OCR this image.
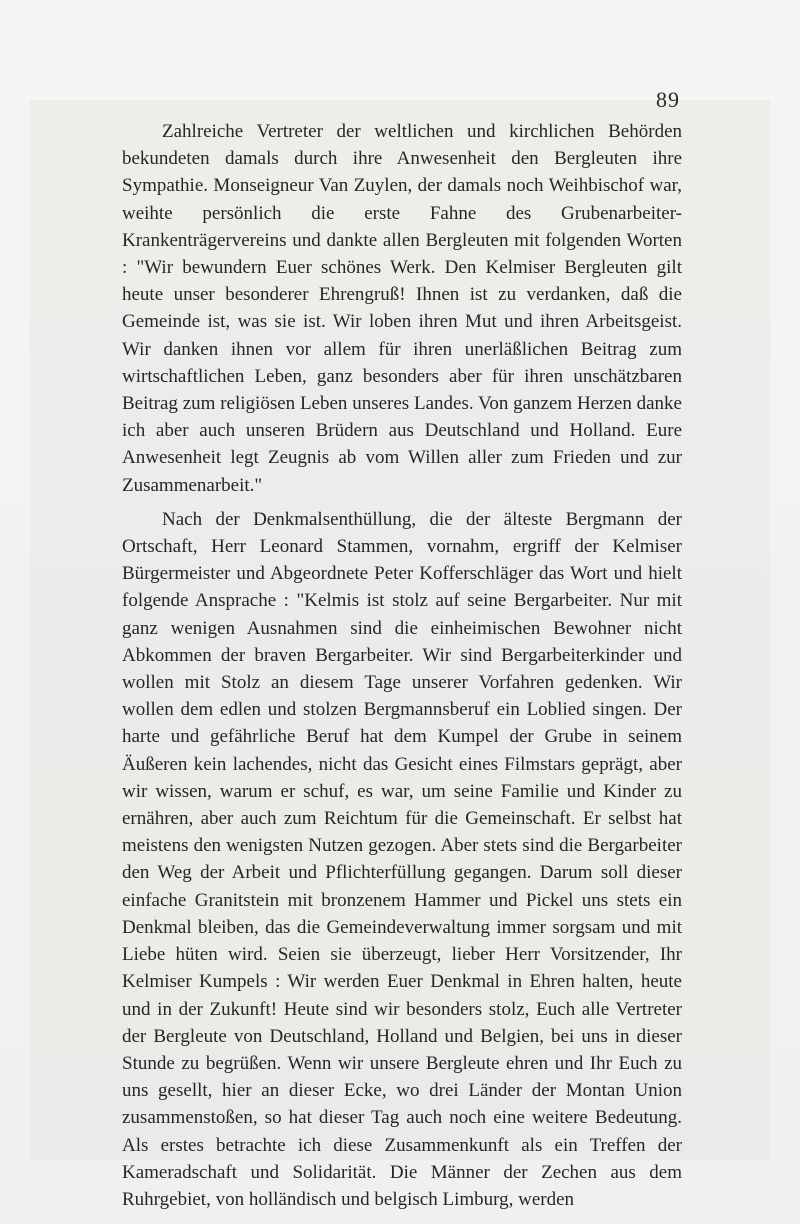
89

Zahlreiche Vertreter der weltlichen und kirchlichen Behörden bekundeten damals durch ihre Anwesenheit den Bergleuten ihre Sympathie. Monseigneur Van Zuylen, der damals noch Weihbischof war, weihte persönlich die erste Fahne des Grubenarbeiter-Krankenträgervereins und dankte allen Bergleuten mit folgenden Worten : "Wir bewundern Euer schönes Werk. Den Kelmiser Bergleuten gilt heute unser besonderer Ehrengruß! Ihnen ist zu verdanken, daß die Gemeinde ist, was sie ist. Wir loben ihren Mut und ihren Arbeitsgeist. Wir danken ihnen vor allem für ihren unerläßlichen Beitrag zum wirtschaftlichen Leben, ganz besonders aber für ihren unschätzbaren Beitrag zum religiösen Leben unseres Landes. Von ganzem Herzen danke ich aber auch unseren Brüdern aus Deutschland und Holland. Eure Anwesenheit legt Zeugnis ab vom Willen aller zum Frieden und zur Zusammenarbeit."

Nach der Denkmalsenthüllung, die der älteste Bergmann der Ortschaft, Herr Leonard Stammen, vornahm, ergriff der Kelmiser Bürgermeister und Abgeordnete Peter Kofferschläger das Wort und hielt folgende Ansprache : "Kelmis ist stolz auf seine Bergarbeiter. Nur mit ganz wenigen Ausnahmen sind die einheimischen Bewohner nicht Abkommen der braven Bergarbeiter. Wir sind Bergarbeiterkinder und wollen mit Stolz an diesem Tage unserer Vorfahren gedenken. Wir wollen dem edlen und stolzen Bergmannsberuf ein Loblied singen. Der harte und gefährliche Beruf hat dem Kumpel der Grube in seinem Äußeren kein lachendes, nicht das Gesicht eines Filmstars geprägt, aber wir wissen, warum er schuf, es war, um seine Familie und Kinder zu ernähren, aber auch zum Reichtum für die Gemeinschaft. Er selbst hat meistens den wenigsten Nutzen gezogen. Aber stets sind die Bergarbeiter den Weg der Arbeit und Pflichterfüllung gegangen. Darum soll dieser einfache Granitstein mit bronzenem Hammer und Pickel uns stets ein Denkmal bleiben, das die Gemeindeverwaltung immer sorgsam und mit Liebe hüten wird. Seien sie überzeugt, lieber Herr Vorsitzender, Ihr Kelmiser Kumpels : Wir werden Euer Denkmal in Ehren halten, heute und in der Zukunft! Heute sind wir besonders stolz, Euch alle Vertreter der Bergleute von Deutschland, Holland und Belgien, bei uns in dieser Stunde zu begrüßen. Wenn wir unsere Bergleute ehren und Ihr Euch zu uns gesellt, hier an dieser Ecke, wo drei Länder der Montan Union zusammenstoßen, so hat dieser Tag auch noch eine weitere Bedeutung. Als erstes betrachte ich diese Zusammenkunft als ein Treffen der Kameradschaft und Solidarität. Die Männer der Zechen aus dem Ruhrgebiet, von holländisch und belgisch Limburg, werden
